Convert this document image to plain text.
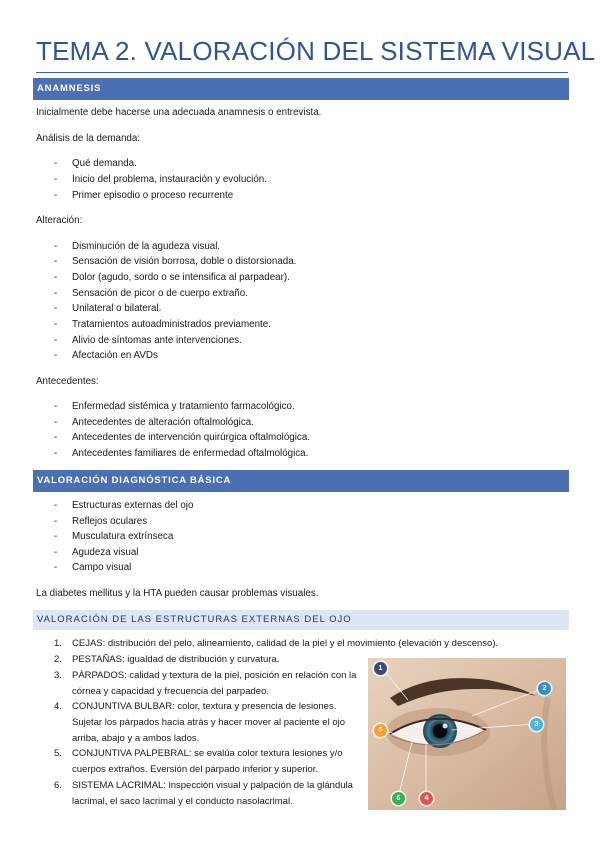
TEMA 2. VALORACIÓN DEL SISTEMA VISUAL
ANAMNESIS
Inicialmente debe hacerse una adecuada anamnesis o entrevista.
Análisis de la demanda:
- Qué demanda.
- Inicio del problema, instauración y evolución.
- Primer episodio o proceso recurrente
Alteración:
- Disminución de la agudeza visual.
- Sensación de visión borrosa, doble o distorsionada.
- Dolor (agudo, sordo o se intensifica al parpadear).
- Sensación de picor o de cuerpo extraño.
- Unilateral o bilateral.
- Tratamientos autoadministrados previamente.
- Alivio de síntomas ante intervenciones.
- Afectación en AVDs
Antecedentes:
- Enfermedad sistémica y tratamiento farmacológico.
- Antecedentes de alteración oftalmológica.
- Antecedentes de intervención quirúrgica oftalmológica.
- Antecedentes familiares de enfermedad oftalmológica.
VALORACIÓN DIAGNÓSTICA BÁSICA
- Estructuras externas del ojo
- Reflejos oculares
- Musculatura extrínseca
- Agudeza visual
- Campo visual
La diabetes mellitus y la HTA pueden causar problemas visuales.
VALORACIÓN DE LAS ESTRUCTURAS EXTERNAS DEL OJO
1.	CEJAS: distribución del pelo, alineamiento, calidad de la piel y el movimiento (elevación y descenso).
2.	PESTAÑAS: igualdad de distribución y curvatura.
3.	PÁRPADOS: calidad y textura de la piel, posición en relación con la córnea y capacidad y frecuencia del parpadeo.
4.	CONJUNTIVA BULBAR: color, textura y presencia de lesiones. Sujetar los párpados hacia atrás y hacer mover al paciente el ojo arriba, abajo y a ambos lados.
5.	CONJUNTIVA PALPEBRAL: se evalúa color textura lesiones y/o cuerpos extraños. Eversión del párpado inferior y superior.
6.	SISTEMA LACRIMAL: inspección visual y palpación de la glándula lacrimal, el saco lacrimal y el conducto nasolacrimal.
1
2
3
4
5
6
